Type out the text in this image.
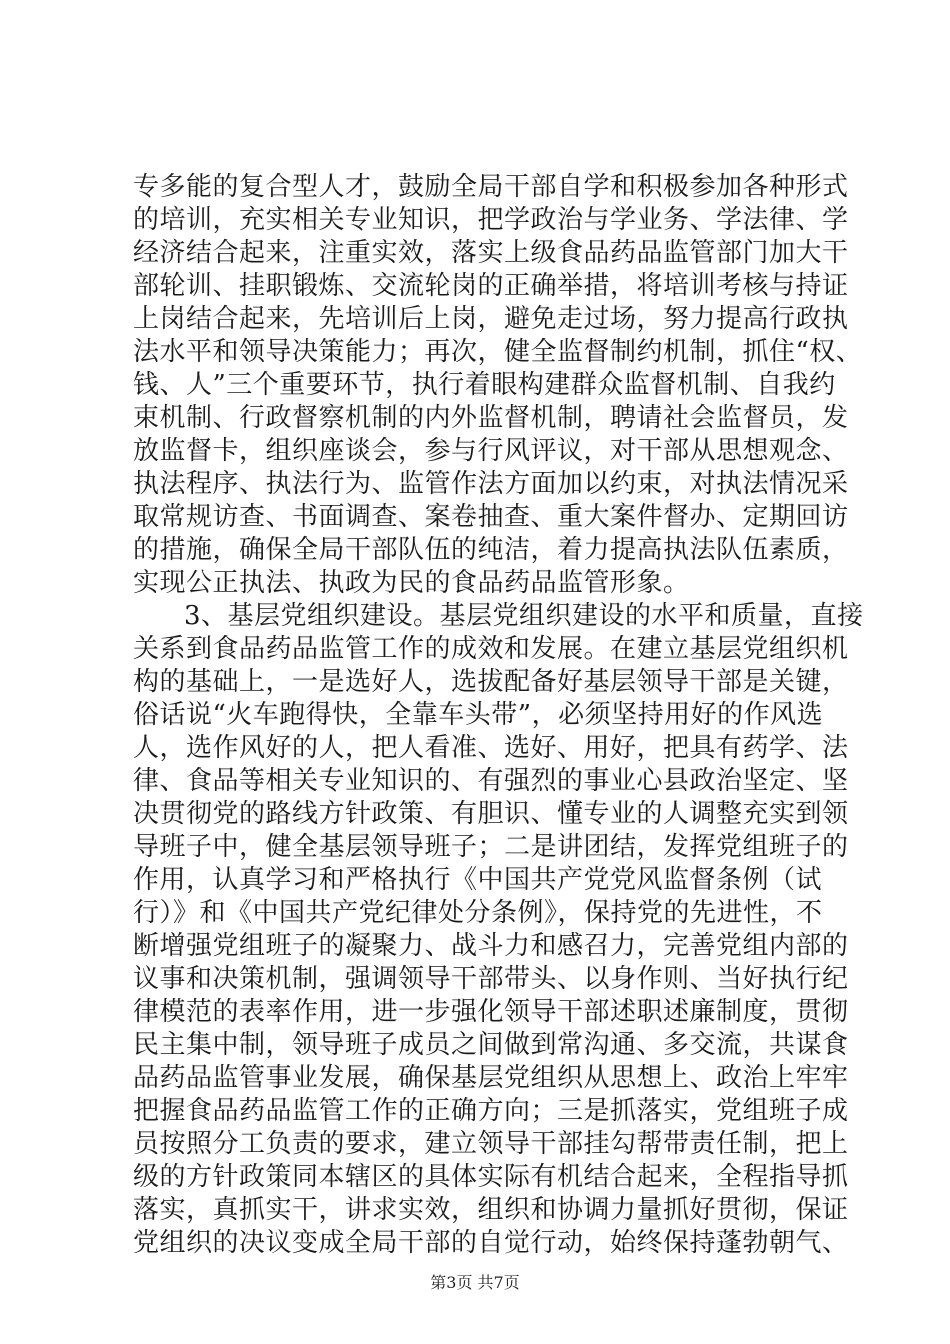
专多能的复合型人才，鼓励全局干部自学和积极参加各种形式
的培训，充实相关专业知识，把学政治与学业务、学法律、学
经济结合起来，注重实效，落实上级食品药品监管部门加大干
部轮训、挂职锻炼、交流轮岗的正确举措，将培训考核与持证
上岗结合起来，先培训后上岗，避免走过场，努力提高行政执
法水平和领导决策能力；再次，健全监督制约机制，抓住“权、
钱、人”三个重要环节，执行着眼构建群众监督机制、自我约
束机制、行政督察机制的内外监督机制，聘请社会监督员，发
放监督卡，组织座谈会，参与行风评议，对干部从思想观念、
执法程序、执法行为、监管作法方面加以约束，对执法情况采
取常规访查、书面调查、案卷抽查、重大案件督办、定期回访
的措施，确保全局干部队伍的纯洁，着力提高执法队伍素质，
实现公正执法、执政为民的食品药品监管形象。
3、基层党组织建设。基层党组织建设的水平和质量，直接
关系到食品药品监管工作的成效和发展。在建立基层党组织机
构的基础上，一是选好人，选拔配备好基层领导干部是关键，
俗话说“火车跑得快，全靠车头带”，必须坚持用好的作风选
人，选作风好的人，把人看准、选好、用好，把具有药学、法
律、食品等相关专业知识的、有强烈的事业心县政治坚定、坚
决贯彻党的路线方针政策、有胆识、懂专业的人调整充实到领
导班子中，健全基层领导班子；二是讲团结，发挥党组班子的
作用，认真学习和严格执行《中国共产党党风监督条例（试
行）》和《中国共产党纪律处分条例》，保持党的先进性，不
断增强党组班子的凝聚力、战斗力和感召力，完善党组内部的
议事和决策机制，强调领导干部带头、以身作则、当好执行纪
律模范的表率作用，进一步强化领导干部述职述廉制度，贯彻
民主集中制，领导班子成员之间做到常沟通、多交流，共谋食
品药品监管事业发展，确保基层党组织从思想上、政治上牢牢
把握食品药品监管工作的正确方向；三是抓落实，党组班子成
员按照分工负责的要求，建立领导干部挂勾帮带责任制，把上
级的方针政策同本辖区的具体实际有机结合起来，全程指导抓
落实，真抓实干，讲求实效，组织和协调力量抓好贯彻，保证
党组织的决议变成全局干部的自觉行动，始终保持蓬勃朝气、
第3页 共7页
